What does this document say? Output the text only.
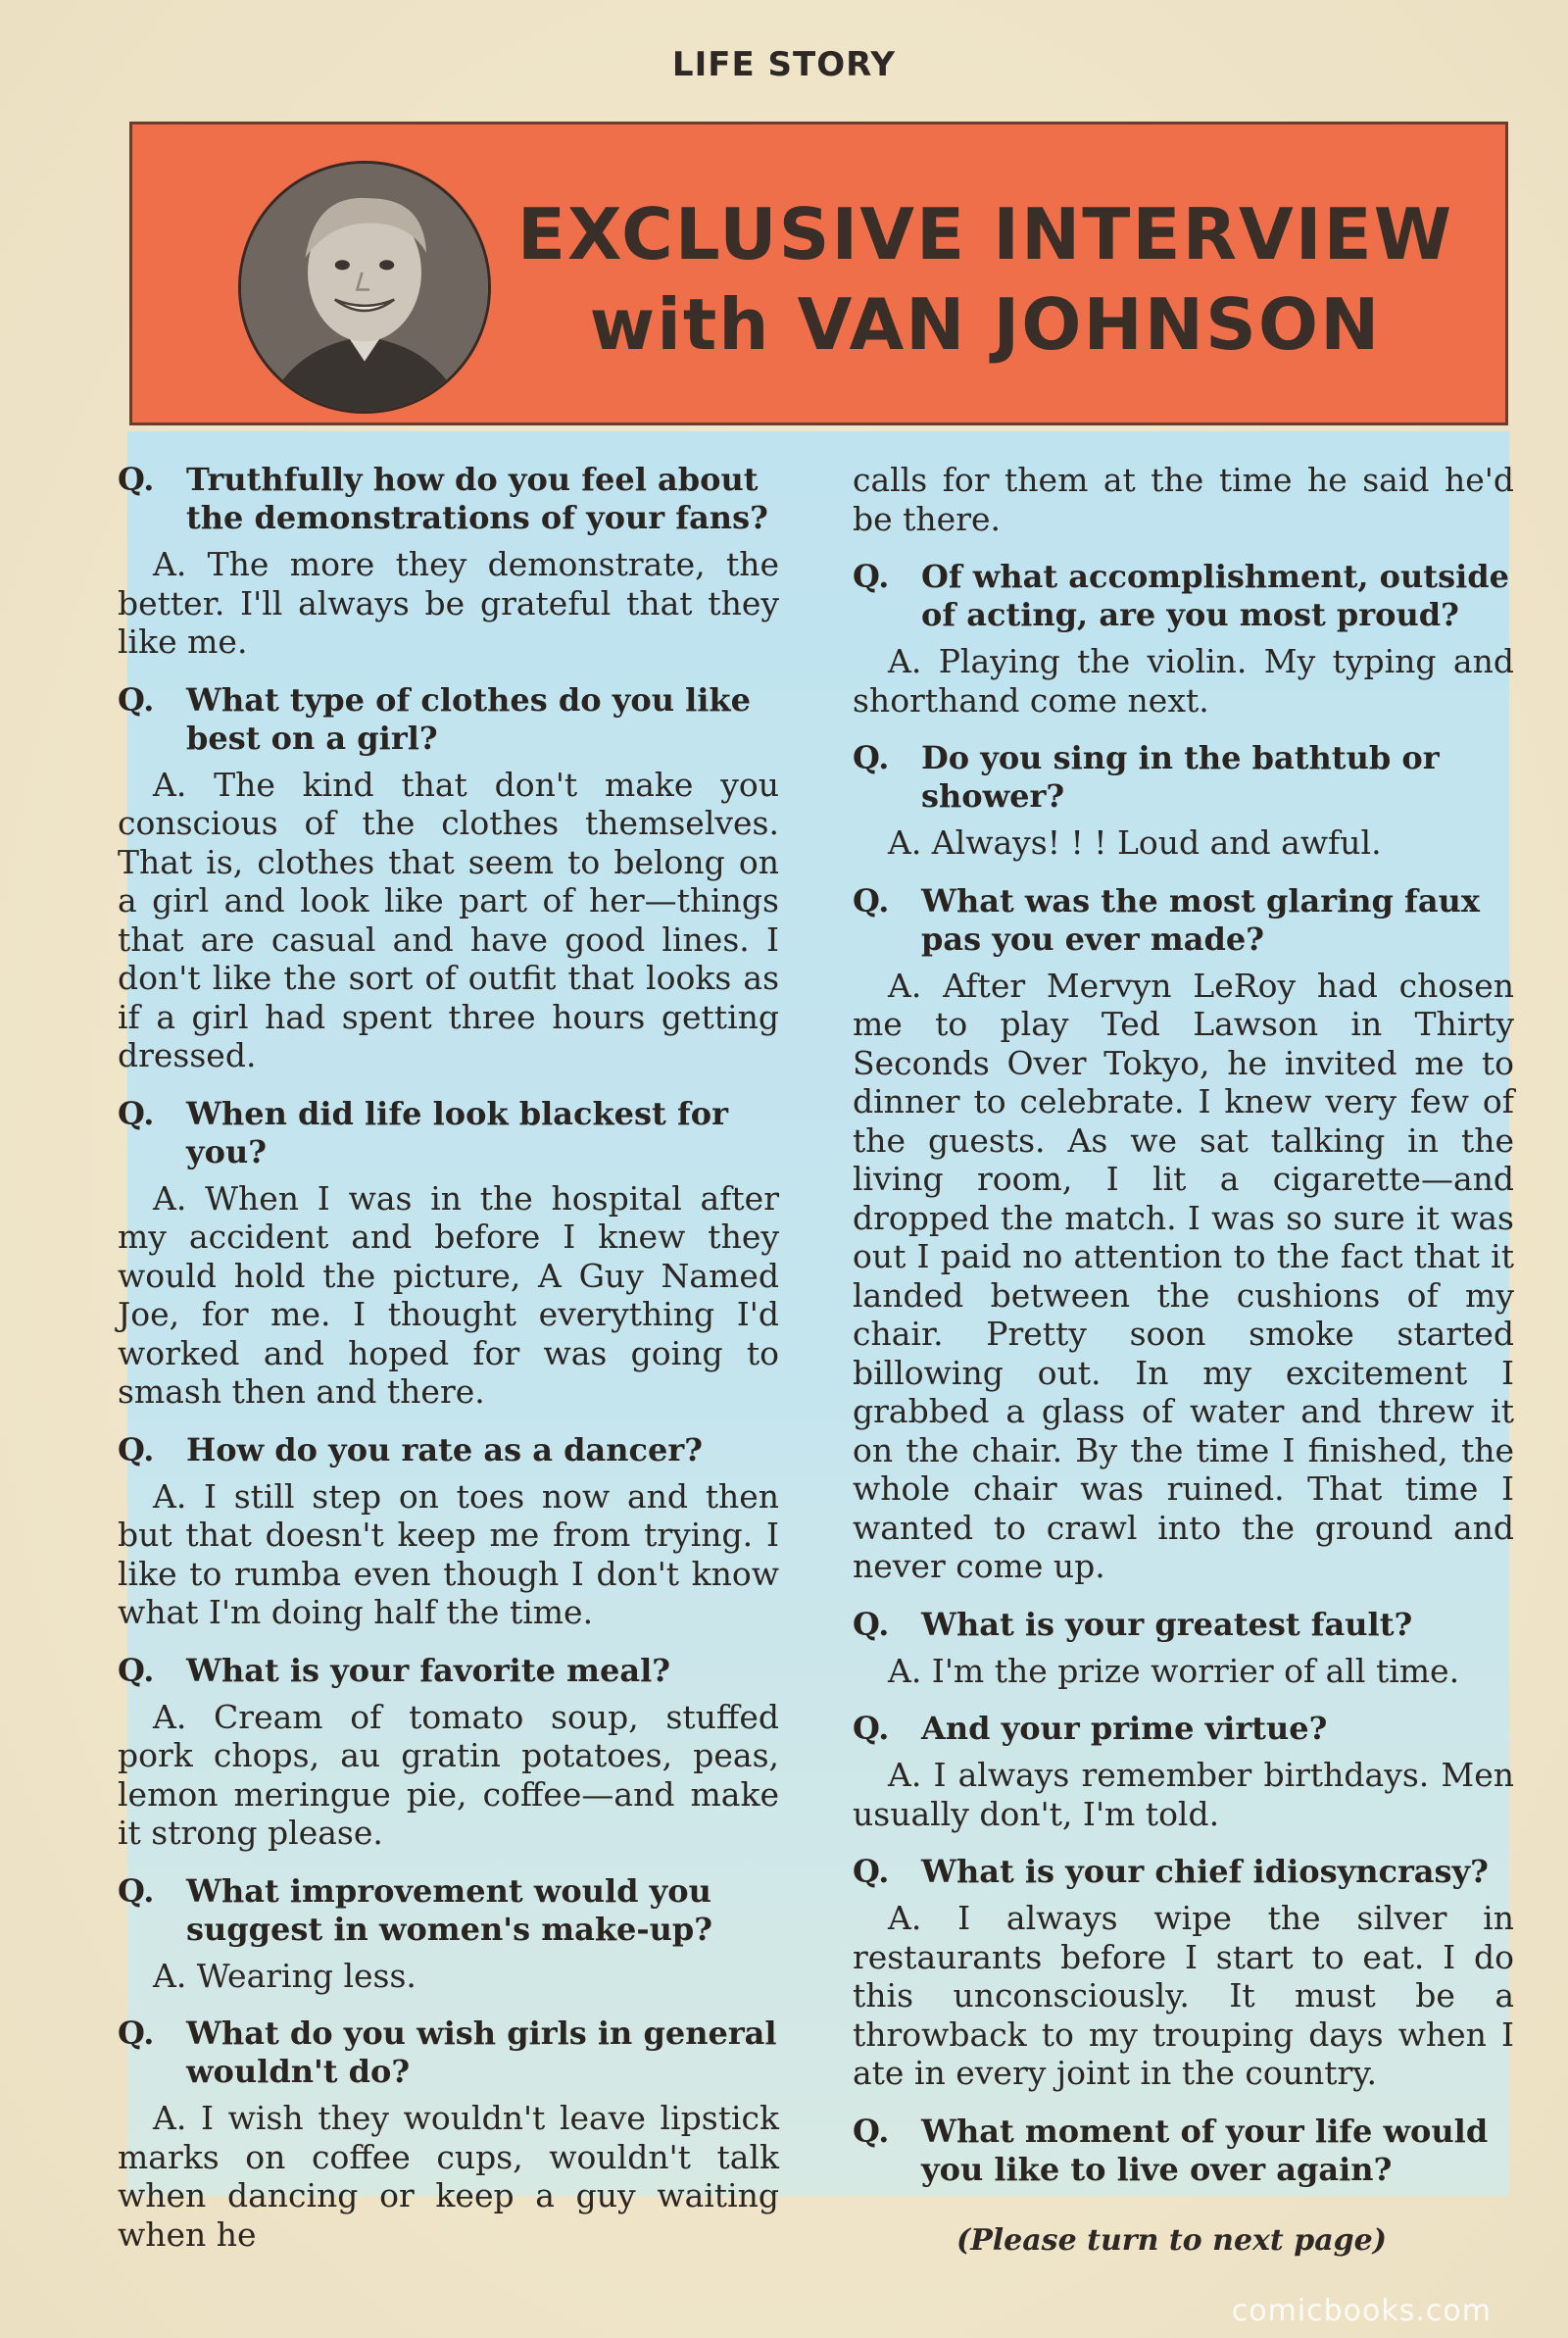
LIFE STORY
EXCLUSIVE INTERVIEW
with VAN JOHNSON

Q. Truthfully how do you feel about the demonstrations of your fans?

A. The more they demonstrate, the better. I'll always be grateful that they like me.

Q. What type of clothes do you like best on a girl?

A. The kind that don't make you conscious of the clothes themselves. That is, clothes that seem to belong on a girl and look like part of her—things that are casual and have good lines. I don't like the sort of outfit that looks as if a girl had spent three hours getting dressed.

Q. When did life look blackest for you?

A. When I was in the hospital after my accident and before I knew they would hold the picture, A Guy Named Joe, for me. I thought everything I'd worked and hoped for was going to smash then and there.

Q. How do you rate as a dancer?

A. I still step on toes now and then but that doesn't keep me from trying. I like to rumba even though I don't know what I'm doing half the time.

Q. What is your favorite meal?

A. Cream of tomato soup, stuffed pork chops, au gratin potatoes, peas, lemon meringue pie, coffee—and make it strong please.

Q. What improvement would you suggest in women's make-up?

A. Wearing less.

Q. What do you wish girls in general wouldn't do?

A. I wish they wouldn't leave lipstick marks on coffee cups, wouldn't talk when dancing or keep a guy waiting when he

calls for them at the time he said he'd be there.

Q. Of what accomplishment, outside of acting, are you most proud?

A. Playing the violin. My typing and shorthand come next.

Q. Do you sing in the bathtub or shower?

A. Always! ! ! Loud and awful.

Q. What was the most glaring faux pas you ever made?

A. After Mervyn LeRoy had chosen me to play Ted Lawson in Thirty Seconds Over Tokyo, he invited me to dinner to celebrate. I knew very few of the guests. As we sat talking in the living room, I lit a cigarette—and dropped the match. I was so sure it was out I paid no attention to the fact that it landed between the cushions of my chair. Pretty soon smoke started billowing out. In my excitement I grabbed a glass of water and threw it on the chair. By the time I finished, the whole chair was ruined. That time I wanted to crawl into the ground and never come up.

Q. What is your greatest fault?

A. I'm the prize worrier of all time.

Q. And your prime virtue?

A. I always remember birthdays. Men usually don't, I'm told.

Q. What is your chief idiosyncrasy?

A. I always wipe the silver in restaurants before I start to eat. I do this unconsciously. It must be a throwback to my trouping days when I ate in every joint in the country.

Q. What moment of your life would you like to live over again?

(Please turn to next page)
comicbooks.com
